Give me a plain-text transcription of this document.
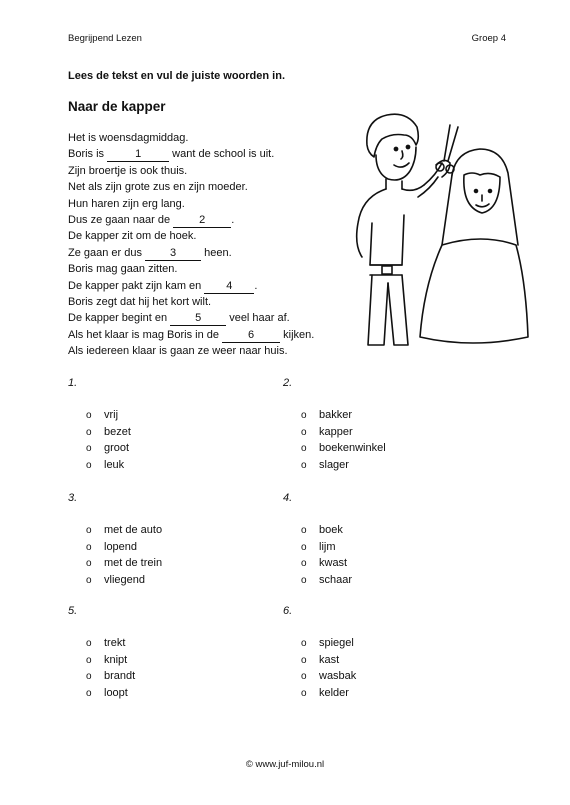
Begrijpend Lezen	Groep 4
Lees de tekst en vul de juiste woorden in.
Naar de kapper
Het is woensdagmiddag.
Boris is	1	want de school is uit.
Zijn broertje is ook thuis.
Net als zijn grote zus en zijn moeder.
Hun haren zijn erg lang.
Dus ze gaan naar de 2 .
De kapper zit om de hoek.
Ze gaan er dus 3 heen.
Boris mag gaan zitten.
De kapper pakt zijn kam en 4 .
Boris zegt dat hij het kort wilt.
De kapper begint en 5 veel haar af.
Als het klaar is mag Boris in de 6 kijken.
Als iedereen klaar is gaan ze weer naar huis.
1.
o vrij
o bezet
o groot
o leuk
2.
o bakker
o kapper
o boekenwinkel
o slager
3.
o met de auto
o lopend
o met de trein
o vliegend
4.
o boek
o lijm
o kwast
o schaar
5.
o trekt
o knipt
o brandt
o loopt
6.
o spiegel
o kast
o wasbak
o kelder
© www.juf-milou.nl
